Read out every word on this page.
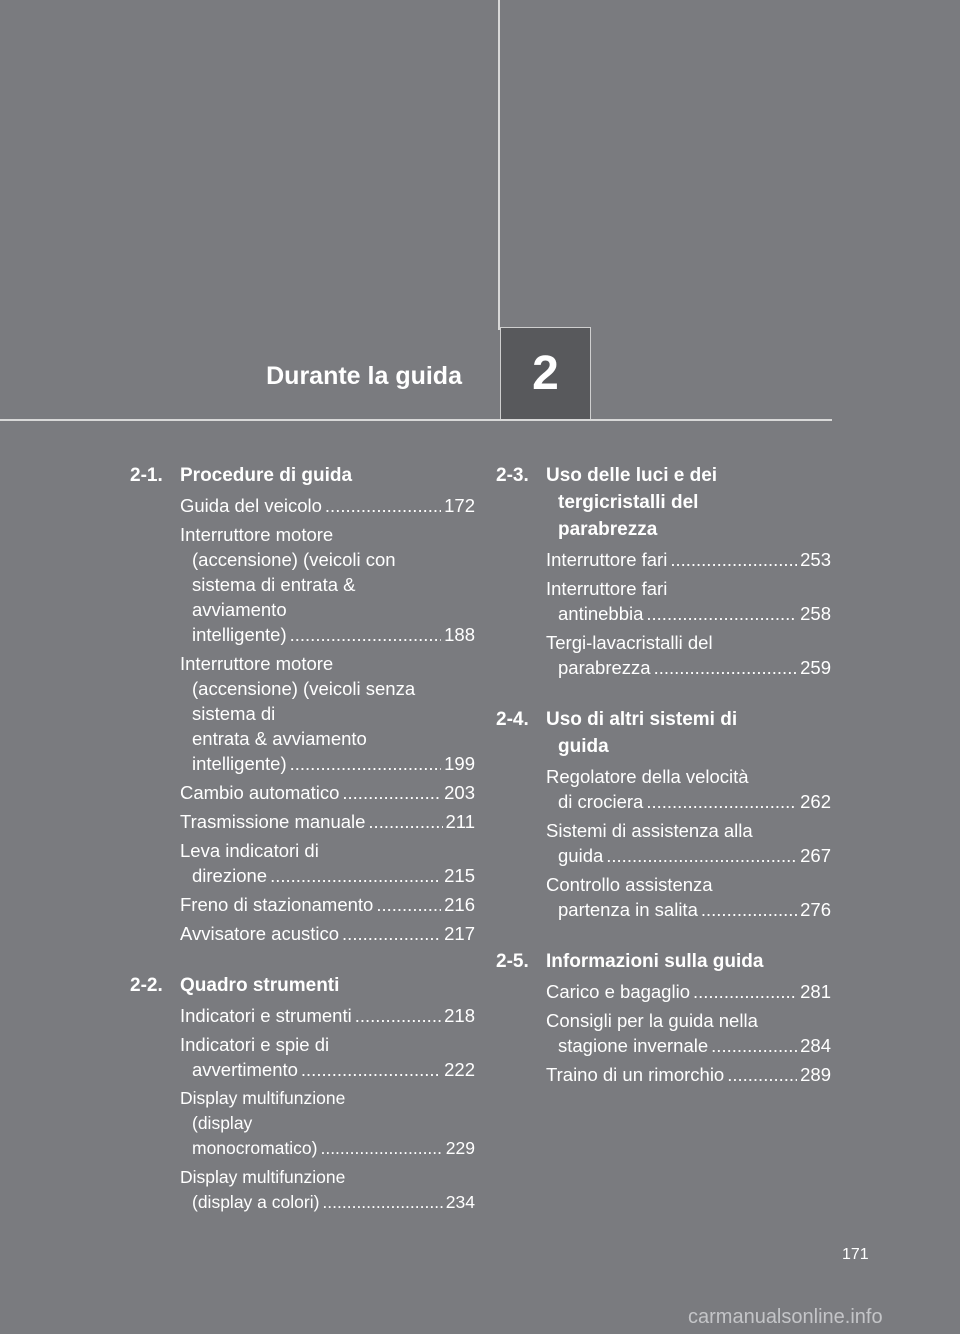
Durante la guida 2
2-1. Procedure di guida
Guida del veicolo .....	172
Interruttore motore
(accensione) (veicoli con
sistema di entrata &
avviamento
intelligente) .....	188
Interruttore motore
(accensione) (veicoli senza
sistema di
entrata & avviamento
intelligente) .....	199
Cambio automatico .....	203
Trasmissione manuale .....	211
Leva indicatori di
direzione .....	215
Freno di stazionamento .....	216
Avvisatore acustico .....	217
2-2. Quadro strumenti
Indicatori e strumenti .....	218
Indicatori e spie di
avvertimento .....	222
Display multifunzione
(display
monocromatico) .....	229
Display multifunzione
(display a colori) .....	234
2-3. Uso delle luci e dei
tergicristalli del
parabrezza
Interruttore fari .....	253
Interruttore fari
antinebbia .....	258
Tergi-lavacristalli del
parabrezza .....	259
2-4. Uso di altri sistemi di
guida
Regolatore della velocità
di crociera .....	262
Sistemi di assistenza alla
guida .....	267
Controllo assistenza
partenza in salita .....	276
2-5. Informazioni sulla guida
Carico e bagaglio .....	281
Consigli per la guida nella
stagione invernale .....	284
Traino di un rimorchio .....	289
171
carmanualsonline.info
